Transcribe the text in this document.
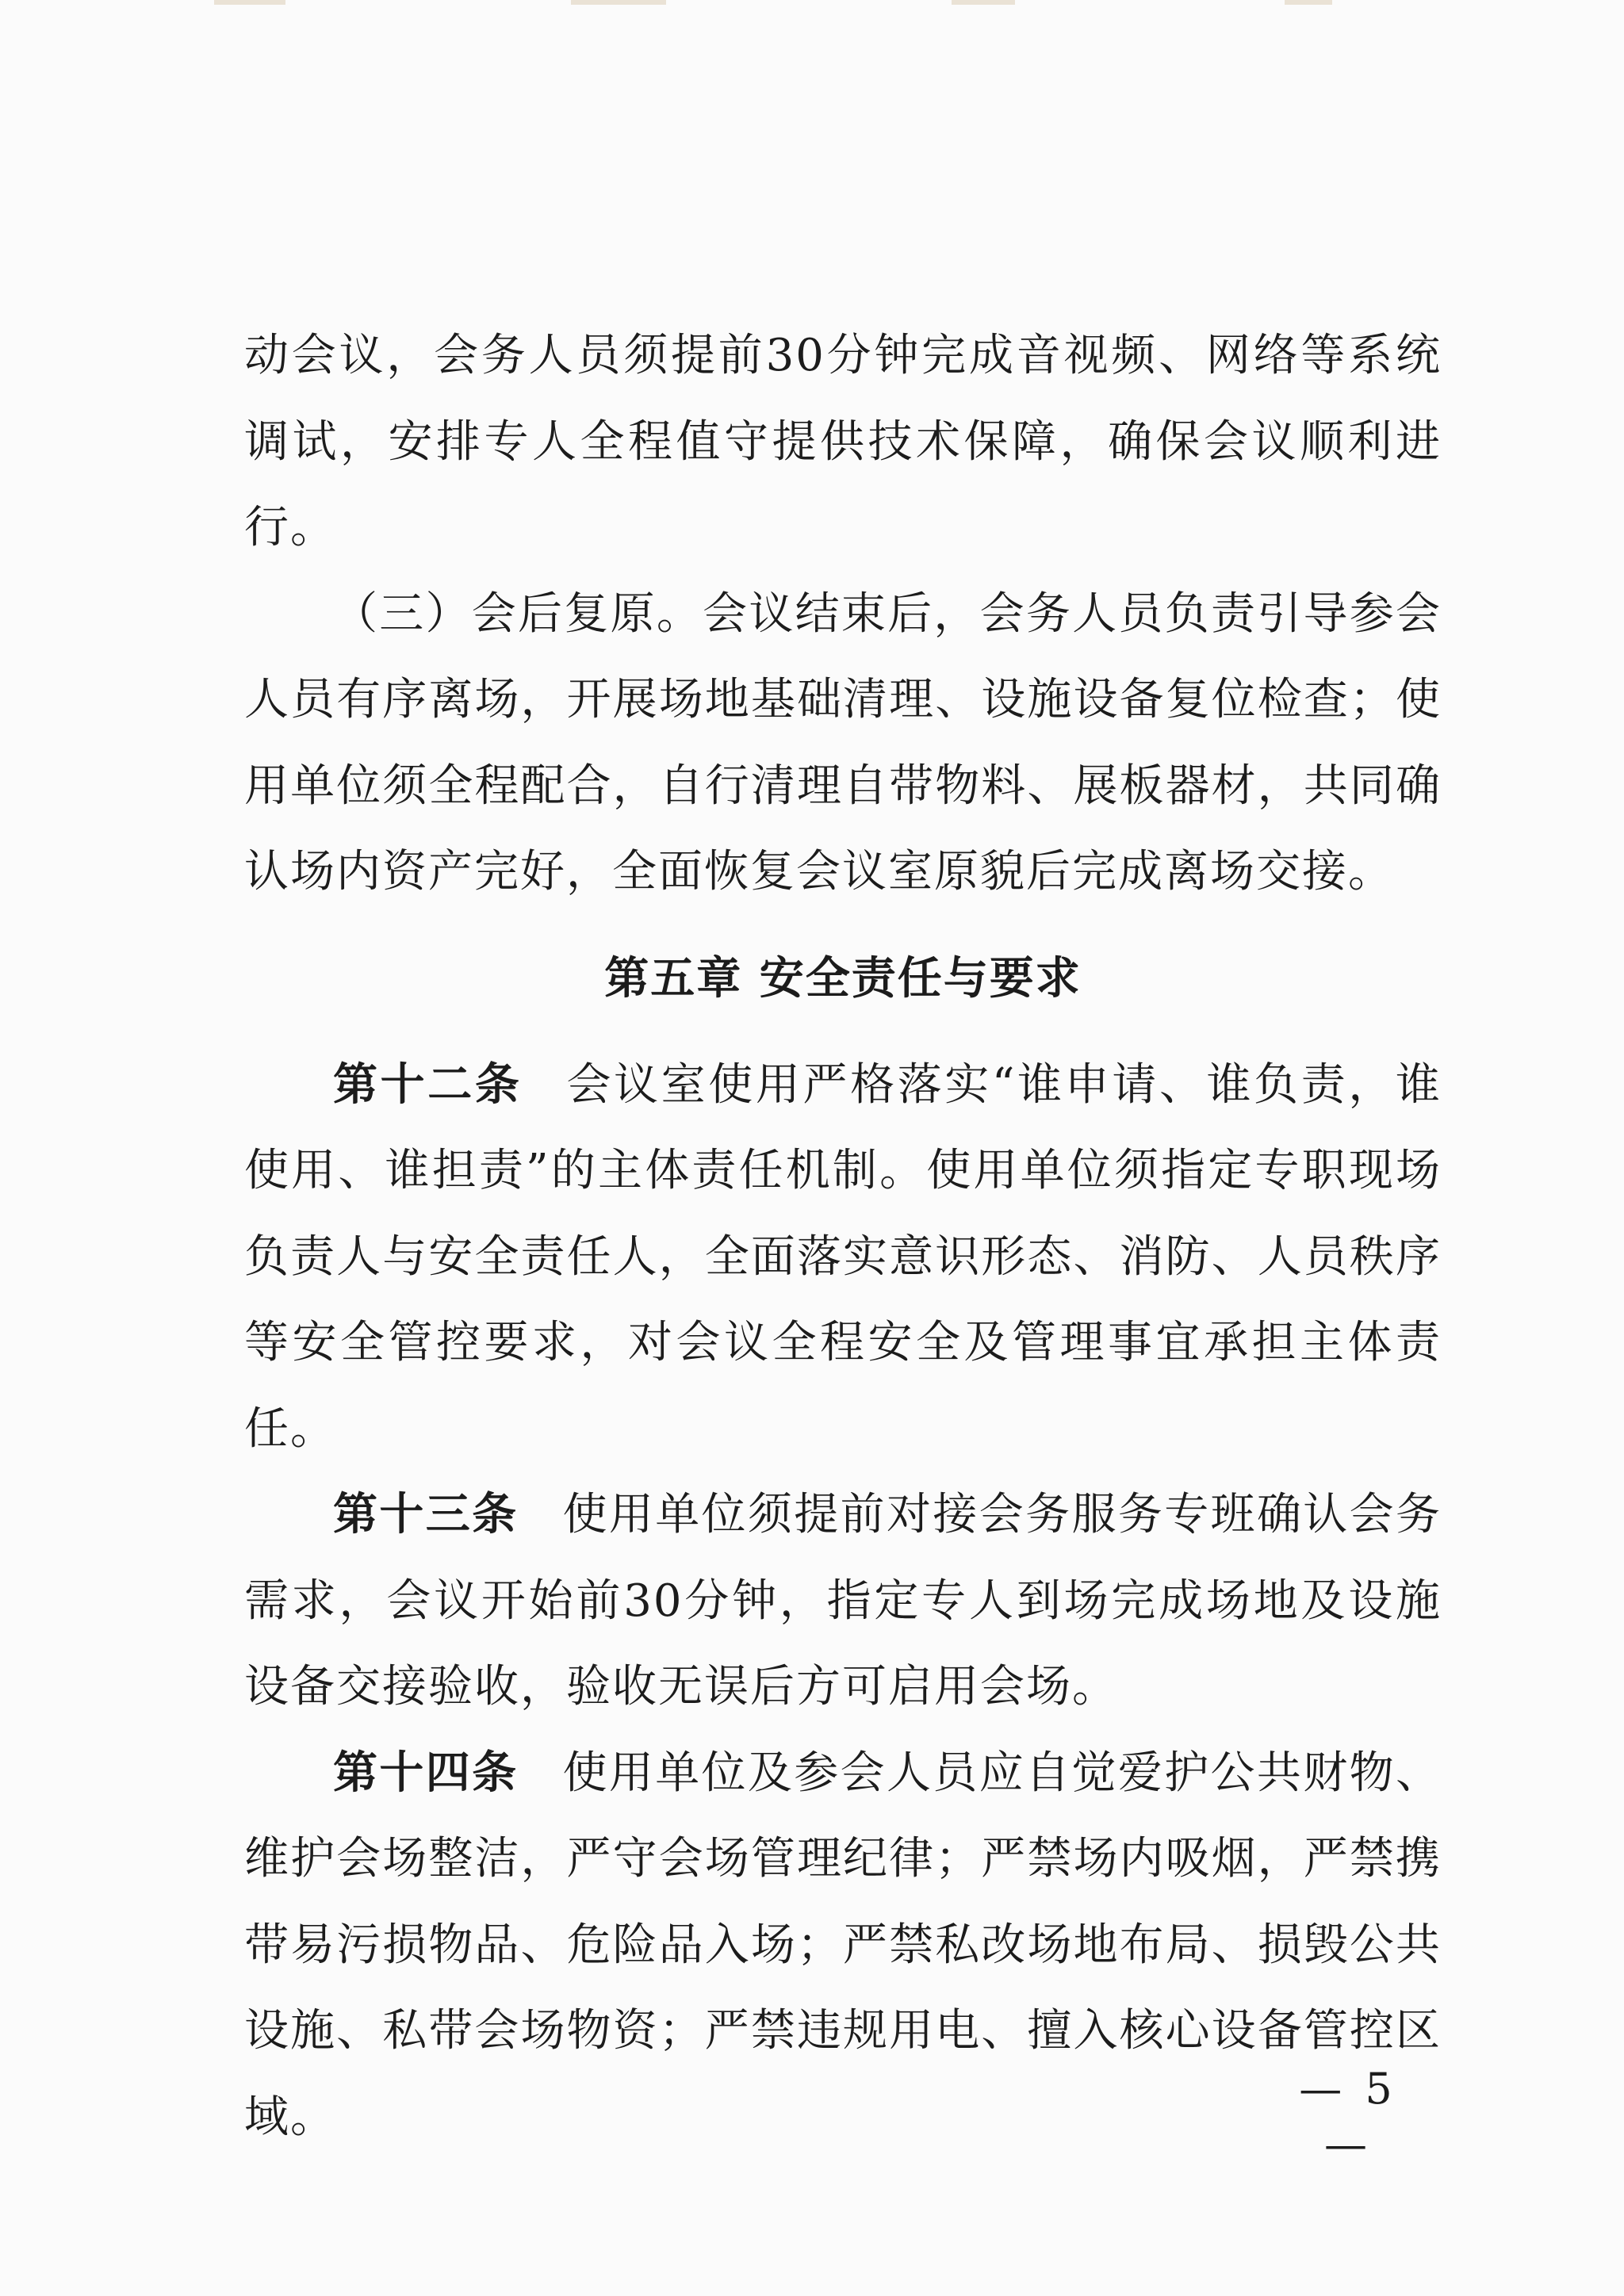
动会议，会务人员须提前30分钟完成音视频、网络等系统调试，安排专人全程值守提供技术保障，确保会议顺利进行。

（三）会后复原。会议结束后，会务人员负责引导参会人员有序离场，开展场地基础清理、设施设备复位检查；使用单位须全程配合，自行清理自带物料、展板器材，共同确认场内资产完好，全面恢复会议室原貌后完成离场交接。

第五章 安全责任与要求

第十二条 会议室使用严格落实“谁申请、谁负责，谁使用、谁担责”的主体责任机制。使用单位须指定专职现场负责人与安全责任人，全面落实意识形态、消防、人员秩序等安全管控要求，对会议全程安全及管理事宜承担主体责任。

第十三条 使用单位须提前对接会务服务专班确认会务需求，会议开始前30分钟，指定专人到场完成场地及设施设备交接验收，验收无误后方可启用会场。

第十四条 使用单位及参会人员应自觉爱护公共财物、维护会场整洁，严守会场管理纪律；严禁场内吸烟，严禁携带易污损物品、危险品入场；严禁私改场地布局、损毁公共设施、私带会场物资；严禁违规用电、擅入核心设备管控区域。

— 5 —
